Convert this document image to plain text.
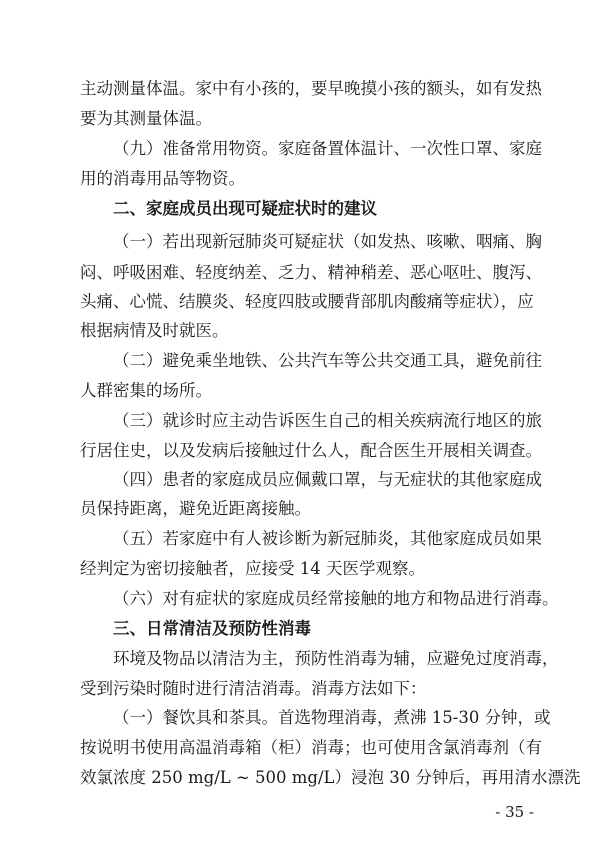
主动测量体温。家中有小孩的，要早晚摸小孩的额头，如有发热
要为其测量体温。
（九）准备常用物资。家庭备置体温计、一次性口罩、家庭
用的消毒用品等物资。
二、家庭成员出现可疑症状时的建议
（一）若出现新冠肺炎可疑症状（如发热、咳嗽、咽痛、胸
闷、呼吸困难、轻度纳差、乏力、精神稍差、恶心呕吐、腹泻、
头痛、心慌、结膜炎、轻度四肢或腰背部肌肉酸痛等症状），应
根据病情及时就医。
（二）避免乘坐地铁、公共汽车等公共交通工具，避免前往
人群密集的场所。
（三）就诊时应主动告诉医生自己的相关疾病流行地区的旅
行居住史，以及发病后接触过什么人，配合医生开展相关调查。
（四）患者的家庭成员应佩戴口罩，与无症状的其他家庭成
员保持距离，避免近距离接触。
（五）若家庭中有人被诊断为新冠肺炎，其他家庭成员如果
经判定为密切接触者，应接受 14 天医学观察。
（六）对有症状的家庭成员经常接触的地方和物品进行消毒。
三、日常清洁及预防性消毒
环境及物品以清洁为主，预防性消毒为辅，应避免过度消毒，
受到污染时随时进行清洁消毒。消毒方法如下：
（一）餐饮具和茶具。首选物理消毒，煮沸 15-30 分钟，或
按说明书使用高温消毒箱（柜）消毒；也可使用含氯消毒剂（有
效氯浓度 250 mg/L ~ 500 mg/L）浸泡 30 分钟后，再用清水漂洗
- 35 -
